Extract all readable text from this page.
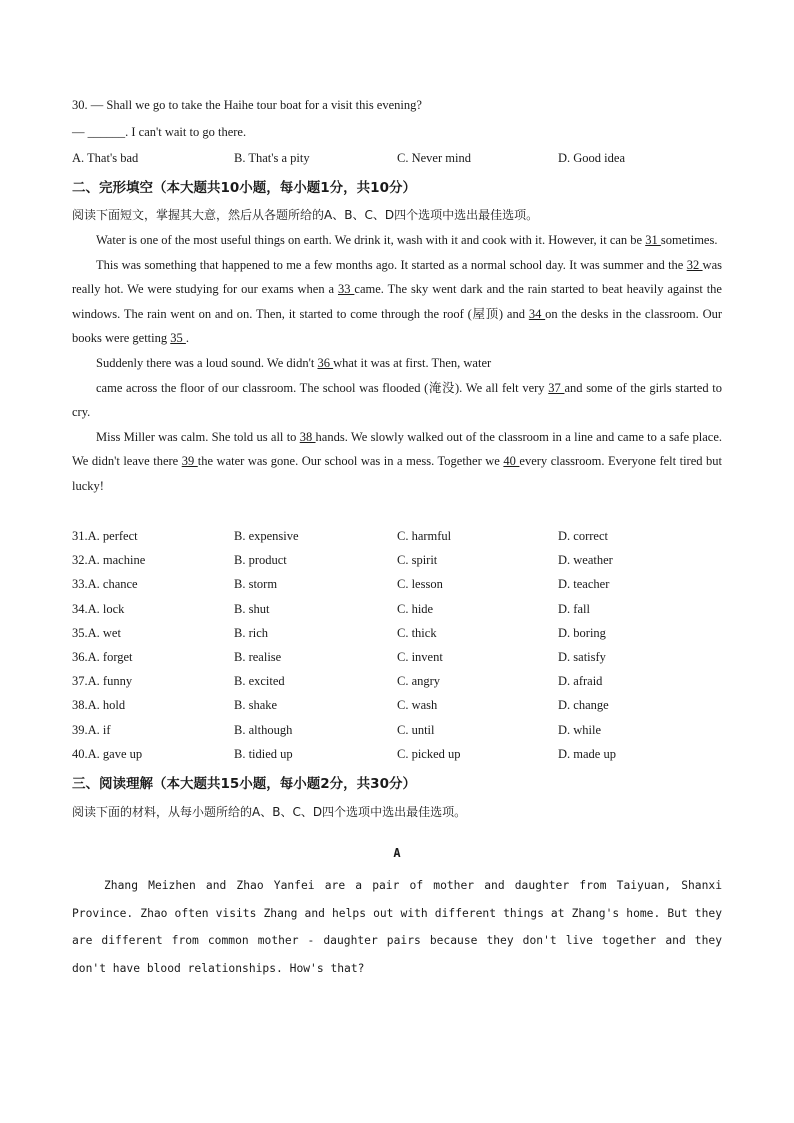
30. — Shall we go to take the Haihe tour boat for a visit this evening?
— ______. I can't wait to go there.
A. That's bad	B. That's a pity	C. Never mind	D. Good idea
二、完形填空（本大题共10小题，每小题1分，共10分）
阅读下面短文，掌握其大意，然后从各题所给的A、B、C、D四个选项中选出最佳选项。

Water is one of the most useful things on earth. We drink it, wash with it and cook with it. However, it can be 31 sometimes.

This was something that happened to me a few months ago. It started as a normal school day. It was summer and the 32 was really hot. We were studying for our exams when a 33 came. The sky went dark and the rain started to beat heavily against the windows. The rain went on and on. Then, it started to come through the roof (屋顶) and 34 on the desks in the classroom. Our books were getting 35 .

Suddenly there was a loud sound. We didn't 36 what it was at first. Then, water

came across the floor of our classroom. The school was flooded (淹没). We all felt very 37 and some of the girls started to cry.

Miss Miller was calm. She told us all to 38 hands. We slowly walked out of the classroom in a line and came to a safe place. We didn't leave there 39 the water was gone. Our school was in a mess. Together we 40 every classroom. Everyone felt tired but lucky!

31.A. perfect	B. expensive	C. harmful	D. correct
32.A. machine	B. product	C. spirit	D. weather
33.A. chance	B. storm	C. lesson	D. teacher
34.A. lock	B. shut	C. hide	D. fall
35.A. wet	B. rich	C. thick	D. boring
36.A. forget	B. realise	C. invent	D. satisfy
37.A. funny	B. excited	C. angry	D. afraid
38.A. hold	B. shake	C. wash	D. change
39.A. if	B. although	C. until	D. while
40.A. gave up	B. tidied up	C. picked up	D. made up
三、阅读理解（本大题共15小题，每小题2分，共30分）
阅读下面的材料，从每小题所给的A、B、C、D四个选项中选出最佳选项。
A

Zhang Meizhen and Zhao Yanfei are a pair of mother and daughter from Taiyuan, Shanxi Province. Zhao often visits Zhang and helps out with different things at Zhang's home. But they are different from common mother - daughter pairs because they don't live together and they don't have blood relationships. How's that?
